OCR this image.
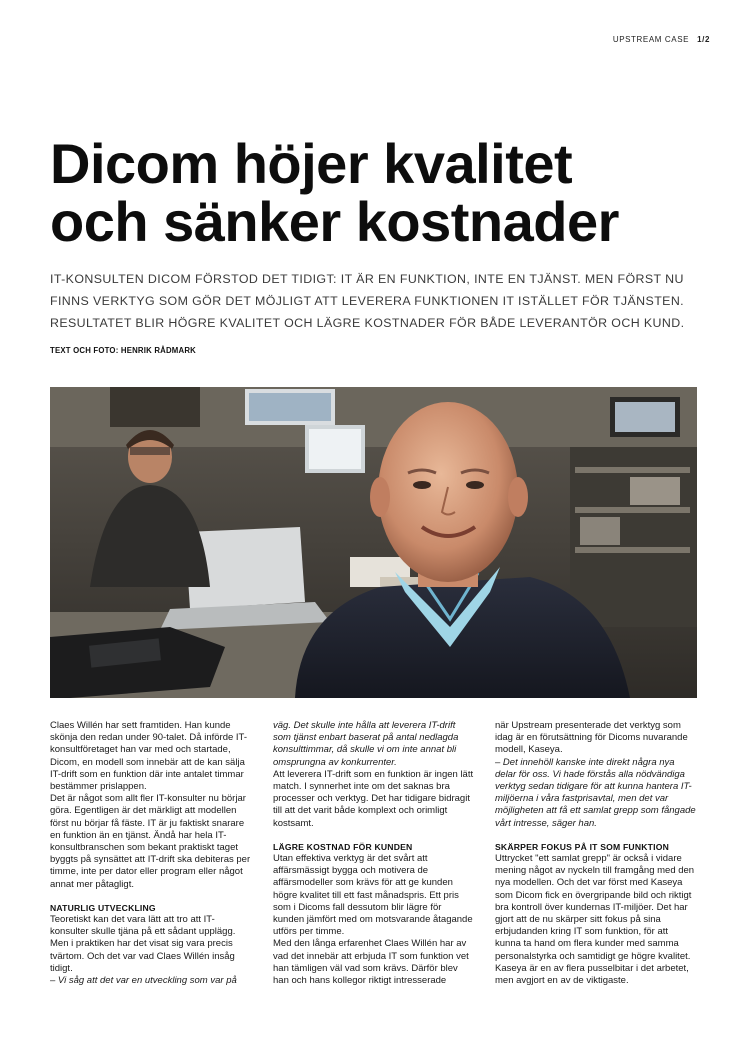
UPSTREAM CASE 1/2
Dicom höjer kvalitet
och sänker kostnader

IT-KONSULTEN DICOM FÖRSTOD DET TIDIGT: IT ÄR EN FUNKTION, INTE EN TJÄNST. MEN FÖRST NU FINNS VERKTYG SOM GÖR DET MÖJLIGT ATT LEVERERA FUNKTIONEN IT ISTÄLLET FÖR TJÄNSTEN. RESULTATET BLIR HÖGRE KVALITET OCH LÄGRE KOSTNADER FÖR BÅDE LEVERANTÖR OCH KUND.

TEXT OCH FOTO: HENRIK RÅDMARK

Claes Willén har sett framtiden. Han kunde skönja den redan under 90-talet. Då införde IT-konsultföretaget han var med och startade, Dicom, en modell som innebär att de kan sälja IT-drift som en funktion där inte antalet timmar bestämmer prislappen.

Det är något som allt fler IT-konsulter nu börjar göra. Egentligen är det märkligt att modellen först nu börjar få fäste. IT är ju faktiskt snarare en funktion än en tjänst. Ändå har hela IT-konsultbranschen som bekant praktiskt taget byggts på synsättet att IT-drift ska debiteras per timme, inte per dator eller program eller något annat mer påtagligt.

NATURLIG UTVECKLING

Teoretiskt kan det vara lätt att tro att IT-konsulter skulle tjäna på ett sådant upplägg. Men i praktiken har det visat sig vara precis tvärtom. Och det var vad Claes Willén insåg tidigt.

– Vi såg att det var en utveckling som var på

väg. Det skulle inte hålla att leverera IT-drift som tjänst enbart baserat på antal nedlagda konsulttimmar, då skulle vi om inte annat bli omsprungna av konkurrenter.

Att leverera IT-drift som en funktion är ingen lätt match. I synnerhet inte om det saknas bra processer och verktyg. Det har tidigare bidragit till att det varit både komplext och orimligt kostsamt.

LÄGRE KOSTNAD FÖR KUNDEN

Utan effektiva verktyg är det svårt att affärsmässigt bygga och motivera de affärsmodeller som krävs för att ge kunden högre kvalitet till ett fast månadspris. Ett pris som i Dicoms fall dessutom blir lägre för kunden jämfört med om motsvarande åtagande utförs per timme.

Med den långa erfarenhet Claes Willén har av vad det innebär att erbjuda IT som funktion vet han tämligen väl vad som krävs. Därför blev han och hans kollegor riktigt intresserade

när Upstream presenterade det verktyg som idag är en förutsättning för Dicoms nuvarande modell, Kaseya.

– Det innehöll kanske inte direkt några nya delar för oss. Vi hade förstås alla nödvändiga verktyg sedan tidigare för att kunna hantera IT-miljöerna i våra fastprisavtal, men det var möjligheten att få ett samlat grepp som fångade vårt intresse, säger han.

SKÄRPER FOKUS PÅ IT SOM FUNKTION

Uttrycket "ett samlat grepp" är också i vidare mening något av nyckeln till framgång med den nya modellen. Och det var först med Kaseya som Dicom fick en övergripande bild och riktigt bra kontroll över kundernas IT-miljöer. Det har gjort att de nu skärper sitt fokus på sina erbjudanden kring IT som funktion, för att kunna ta hand om flera kunder med samma personalstyrka och samtidigt ge högre kvalitet. Kaseya är en av flera pusselbitar i det arbetet, men avgjort en av de viktigaste.
